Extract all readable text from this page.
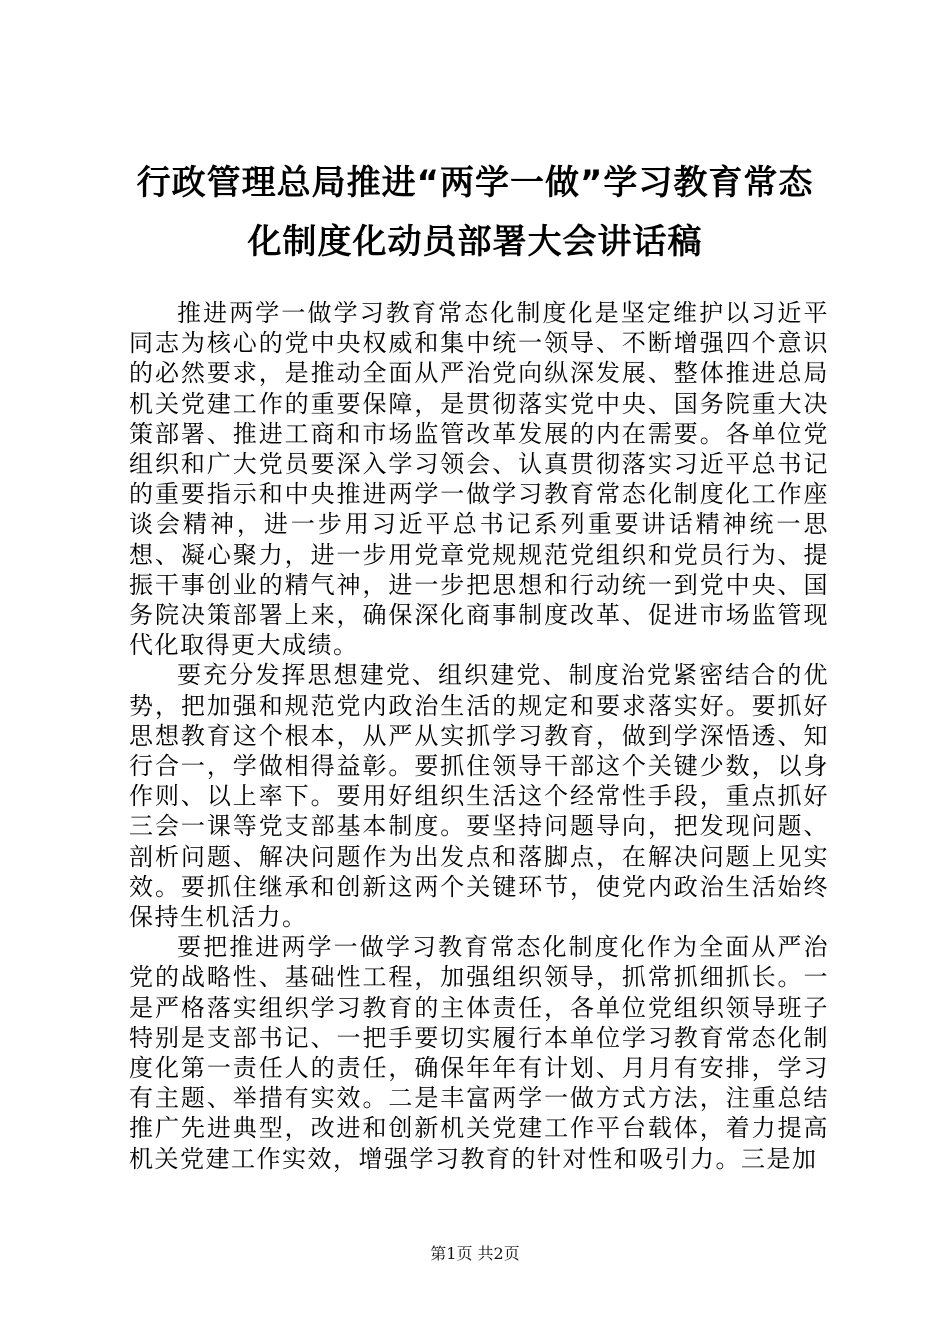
行政管理总局推进“两学一做”学习教育常态
化制度化动员部署大会讲话稿

推进两学一做学习教育常态化制度化是坚定维护以习近平同志为核心的党中央权威和集中统一领导、不断增强四个意识的必然要求，是推动全面从严治党向纵深发展、整体推进总局机关党建工作的重要保障，是贯彻落实党中央、国务院重大决策部署、推进工商和市场监管改革发展的内在需要。各单位党组织和广大党员要深入学习领会、认真贯彻落实习近平总书记的重要指示和中央推进两学一做学习教育常态化制度化工作座谈会精神，进一步用习近平总书记系列重要讲话精神统一思想、凝心聚力，进一步用党章党规规范党组织和党员行为、提振干事创业的精气神，进一步把思想和行动统一到党中央、国务院决策部署上来，确保深化商事制度改革、促进市场监管现代化取得更大成绩。

要充分发挥思想建党、组织建党、制度治党紧密结合的优势，把加强和规范党内政治生活的规定和要求落实好。要抓好思想教育这个根本，从严从实抓学习教育，做到学深悟透、知行合一，学做相得益彰。要抓住领导干部这个关键少数，以身作则、以上率下。要用好组织生活这个经常性手段，重点抓好三会一课等党支部基本制度。要坚持问题导向，把发现问题、剖析问题、解决问题作为出发点和落脚点，在解决问题上见实效。要抓住继承和创新这两个关键环节，使党内政治生活始终保持生机活力。

要把推进两学一做学习教育常态化制度化作为全面从严治党的战略性、基础性工程，加强组织领导，抓常抓细抓长。一是严格落实组织学习教育的主体责任，各单位党组织领导班子特别是支部书记、一把手要切实履行本单位学习教育常态化制度化第一责任人的责任，确保年年有计划、月月有安排，学习有主题、举措有实效。二是丰富两学一做方式方法，注重总结推广先进典型，改进和创新机关党建工作平台载体，着力提高机关党建工作实效，增强学习教育的针对性和吸引力。三是加

第1页 共2页
